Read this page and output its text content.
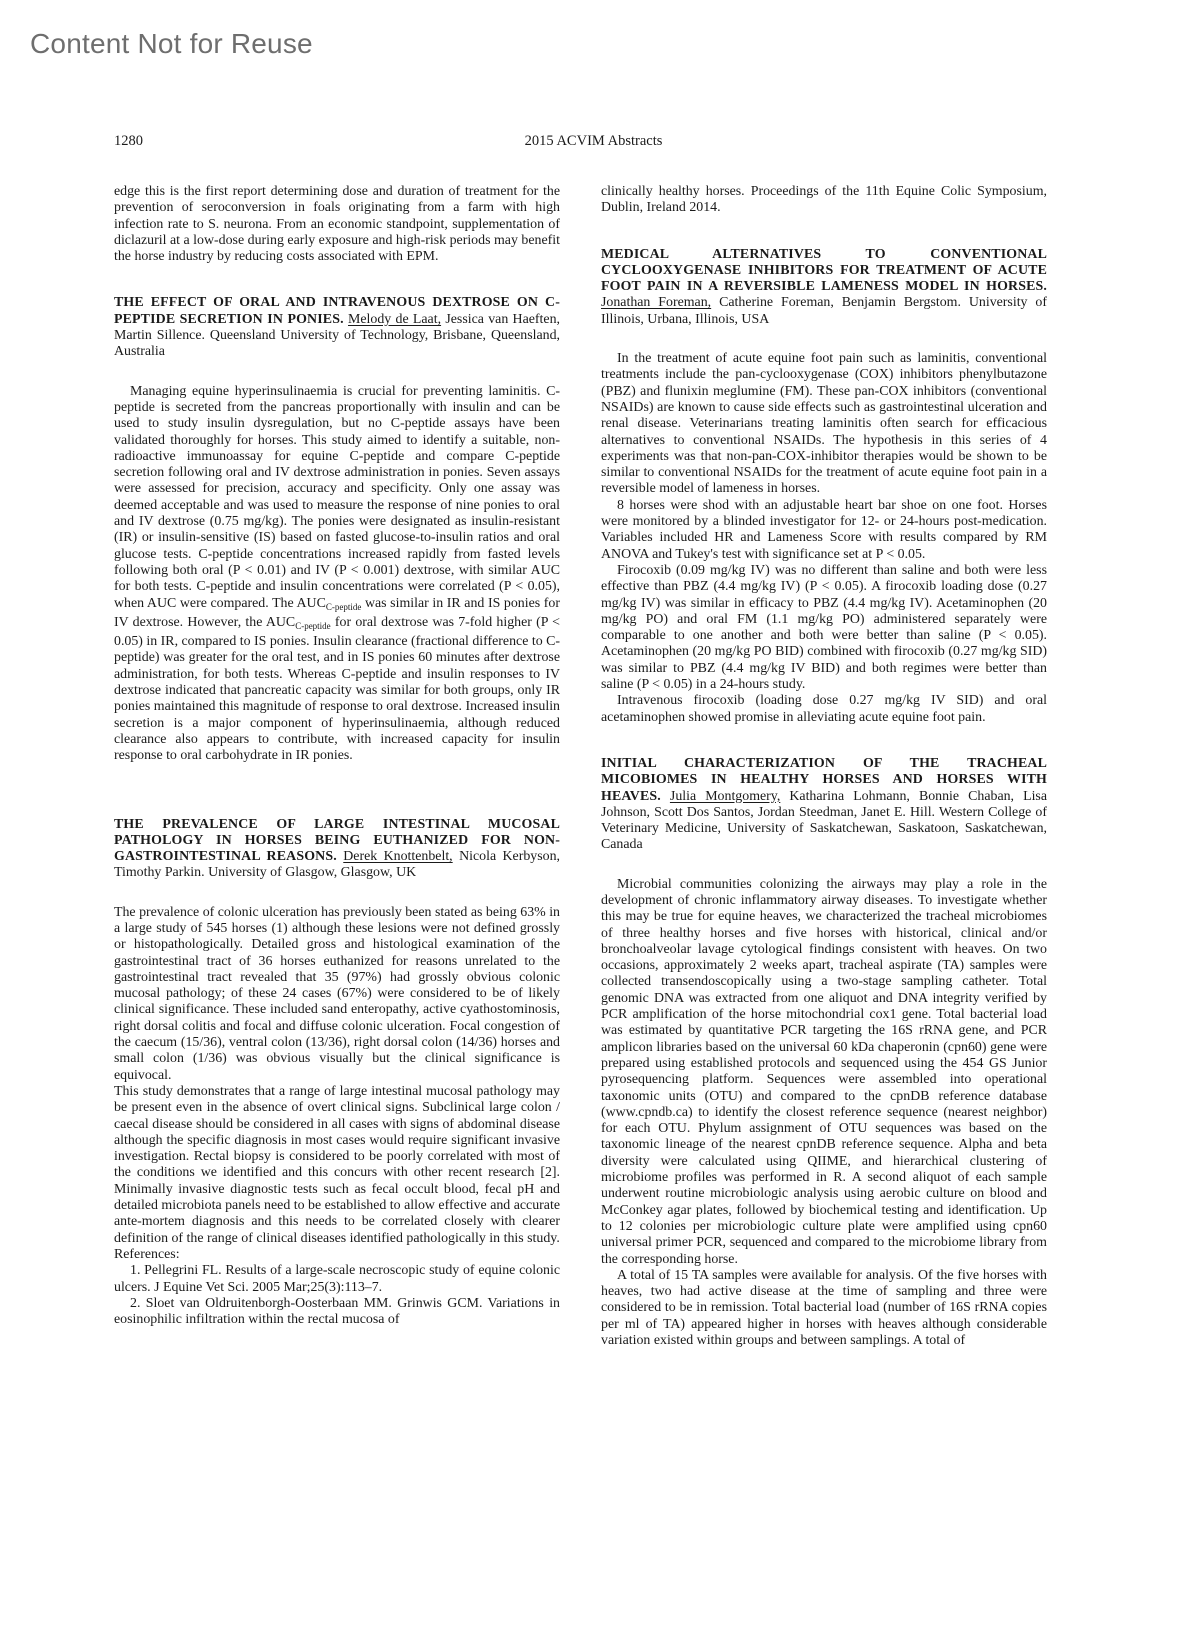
Content Not for Reuse
1280	2015 ACVIM Abstracts

edge this is the first report determining dose and duration of treatment for the prevention of seroconversion in foals originating from a farm with high infection rate to S. neurona. From an economic standpoint, supplementation of diclazuril at a low-dose during early exposure and high-risk periods may benefit the horse industry by reducing costs associated with EPM.

THE EFFECT OF ORAL AND INTRAVENOUS DEXTROSE ON C-PEPTIDE SECRETION IN PONIES. Melody de Laat, Jessica van Haeften, Martin Sillence. Queensland University of Technology, Brisbane, Queensland, Australia

Managing equine hyperinsulinaemia is crucial for preventing laminitis. C-peptide is secreted from the pancreas proportionally with insulin and can be used to study insulin dysregulation, but no C-peptide assays have been validated thoroughly for horses. This study aimed to identify a suitable, non-radioactive immunoassay for equine C-peptide and compare C-peptide secretion following oral and IV dextrose administration in ponies. Seven assays were assessed for precision, accuracy and specificity. Only one assay was deemed acceptable and was used to measure the response of nine ponies to oral and IV dextrose (0.75 mg/kg). The ponies were designated as insulin-resistant (IR) or insulin-sensitive (IS) based on fasted glucose-to-insulin ratios and oral glucose tests. C-peptide concentrations increased rapidly from fasted levels following both oral (P < 0.01) and IV (P < 0.001) dextrose, with similar AUC for both tests. C-peptide and insulin concentrations were correlated (P < 0.05), when AUC were compared. The $AUC_{C-peptide}$ was similar in IR and IS ponies for IV dextrose. However, the $AUC_{C-peptide}$ for oral dextrose was 7-fold higher (P < 0.05) in IR, compared to IS ponies. Insulin clearance (fractional difference to C-peptide) was greater for the oral test, and in IS ponies 60 minutes after dextrose administration, for both tests. Whereas C-peptide and insulin responses to IV dextrose indicated that pancreatic capacity was similar for both groups, only IR ponies maintained this magnitude of response to oral dextrose. Increased insulin secretion is a major component of hyperinsulinaemia, although reduced clearance also appears to contribute, with increased capacity for insulin response to oral carbohydrate in IR ponies.

THE PREVALENCE OF LARGE INTESTINAL MUCOSAL PATHOLOGY IN HORSES BEING EUTHANIZED FOR NON-GASTROINTESTINAL REASONS. Derek Knottenbelt, Nicola Kerbyson, Timothy Parkin. University of Glasgow, Glasgow, UK

The prevalence of colonic ulceration has previously been stated as being 63% in a large study of 545 horses (1) although these lesions were not defined grossly or histopathologically. Detailed gross and histological examination of the gastrointestinal tract of 36 horses euthanized for reasons unrelated to the gastrointestinal tract revealed that 35 (97%) had grossly obvious colonic mucosal pathology; of these 24 cases (67%) were considered to be of likely clinical significance. These included sand enteropathy, active cyathostominosis, right dorsal colitis and focal and diffuse colonic ulceration. Focal congestion of the caecum (15/36), ventral colon (13/36), right dorsal colon (14/36) horses and small colon (1/36) was obvious visually but the clinical significance is equivocal.

This study demonstrates that a range of large intestinal mucosal pathology may be present even in the absence of overt clinical signs. Subclinical large colon / caecal disease should be considered in all cases with signs of abdominal disease although the specific diagnosis in most cases would require significant invasive investigation. Rectal biopsy is considered to be poorly correlated with most of the conditions we identified and this concurs with other recent research [2]. Minimally invasive diagnostic tests such as fecal occult blood, fecal pH and detailed microbiota panels need to be established to allow effective and accurate ante-mortem diagnosis and this needs to be correlated closely with clearer definition of the range of clinical diseases identified pathologically in this study.

References:

1. Pellegrini FL. Results of a large-scale necroscopic study of equine colonic ulcers. J Equine Vet Sci. 2005 Mar;25(3):113–7.

2. Sloet van Oldruitenborgh-Oosterbaan MM. Grinwis GCM. Variations in eosinophilic infiltration within the rectal mucosa of

clinically healthy horses. Proceedings of the 11th Equine Colic Symposium, Dublin, Ireland 2014.

MEDICAL ALTERNATIVES TO CONVENTIONAL CYCLOOXYGENASE INHIBITORS FOR TREATMENT OF ACUTE FOOT PAIN IN A REVERSIBLE LAMENESS MODEL IN HORSES. Jonathan Foreman, Catherine Foreman, Benjamin Bergstom. University of Illinois, Urbana, Illinois, USA

In the treatment of acute equine foot pain such as laminitis, conventional treatments include the pan-cyclooxygenase (COX) inhibitors phenylbutazone (PBZ) and flunixin meglumine (FM). These pan-COX inhibitors (conventional NSAIDs) are known to cause side effects such as gastrointestinal ulceration and renal disease. Veterinarians treating laminitis often search for efficacious alternatives to conventional NSAIDs. The hypothesis in this series of 4 experiments was that non-pan-COX-inhibitor therapies would be shown to be similar to conventional NSAIDs for the treatment of acute equine foot pain in a reversible model of lameness in horses.

8 horses were shod with an adjustable heart bar shoe on one foot. Horses were monitored by a blinded investigator for 12- or 24-hours post-medication. Variables included HR and Lameness Score with results compared by RM ANOVA and Tukey's test with significance set at P < 0.05.

Firocoxib (0.09 mg/kg IV) was no different than saline and both were less effective than PBZ (4.4 mg/kg IV) (P < 0.05). A firocoxib loading dose (0.27 mg/kg IV) was similar in efficacy to PBZ (4.4 mg/kg IV). Acetaminophen (20 mg/kg PO) and oral FM (1.1 mg/kg PO) administered separately were comparable to one another and both were better than saline (P < 0.05). Acetaminophen (20 mg/kg PO BID) combined with firocoxib (0.27 mg/kg SID) was similar to PBZ (4.4 mg/kg IV BID) and both regimes were better than saline (P < 0.05) in a 24-hours study.

Intravenous firocoxib (loading dose 0.27 mg/kg IV SID) and oral acetaminophen showed promise in alleviating acute equine foot pain.

INITIAL CHARACTERIZATION OF THE TRACHEAL MICOBIOMES IN HEALTHY HORSES AND HORSES WITH HEAVES. Julia Montgomery, Katharina Lohmann, Bonnie Chaban, Lisa Johnson, Scott Dos Santos, Jordan Steedman, Janet E. Hill. Western College of Veterinary Medicine, University of Saskatchewan, Saskatoon, Saskatchewan, Canada

Microbial communities colonizing the airways may play a role in the development of chronic inflammatory airway diseases. To investigate whether this may be true for equine heaves, we characterized the tracheal microbiomes of three healthy horses and five horses with historical, clinical and/or bronchoalveolar lavage cytological findings consistent with heaves. On two occasions, approximately 2 weeks apart, tracheal aspirate (TA) samples were collected transendoscopically using a two-stage sampling catheter. Total genomic DNA was extracted from one aliquot and DNA integrity verified by PCR amplification of the horse mitochondrial cox1 gene. Total bacterial load was estimated by quantitative PCR targeting the 16S rRNA gene, and PCR amplicon libraries based on the universal 60 kDa chaperonin (cpn60) gene were prepared using established protocols and sequenced using the 454 GS Junior pyrosequencing platform. Sequences were assembled into operational taxonomic units (OTU) and compared to the cpnDB reference database (www.cpndb.ca) to identify the closest reference sequence (nearest neighbor) for each OTU. Phylum assignment of OTU sequences was based on the taxonomic lineage of the nearest cpnDB reference sequence. Alpha and beta diversity were calculated using QIIME, and hierarchical clustering of microbiome profiles was performed in R. A second aliquot of each sample underwent routine microbiologic analysis using aerobic culture on blood and McConkey agar plates, followed by biochemical testing and identification. Up to 12 colonies per microbiologic culture plate were amplified using cpn60 universal primer PCR, sequenced and compared to the microbiome library from the corresponding horse.

A total of 15 TA samples were available for analysis. Of the five horses with heaves, two had active disease at the time of sampling and three were considered to be in remission. Total bacterial load (number of 16S rRNA copies per ml of TA) appeared higher in horses with heaves although considerable variation existed within groups and between samplings. A total of
